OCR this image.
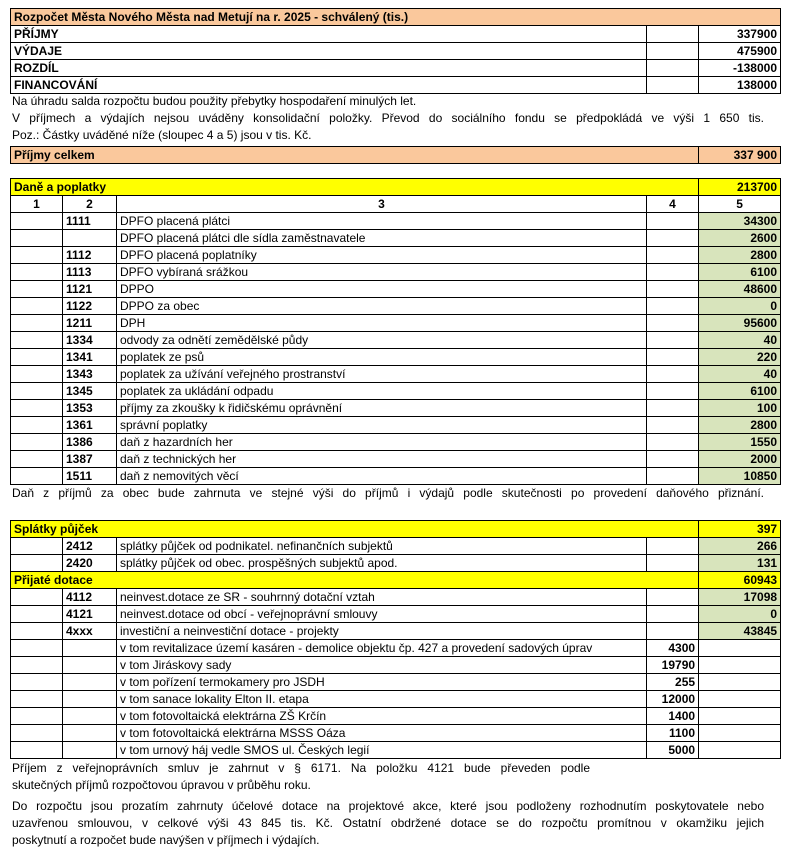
Rozpočet Města Nového Města nad Metují na r. 2025 - schválený (tis.)		
PŘÍJMY		337900
VÝDAJE		475900
ROZDÍL		-138000
FINANCOVÁNÍ		138000
Na úhradu salda rozpočtu budou použity přebytky hospodaření minulých let.
V příjmech a výdajích nejsou uváděny konsolidační položky. Převod do sociálního fondu se předpokládá ve výši 1 650 tis.
Poz.: Částky uváděné níže (sloupec 4 a 5) jsou v tis. Kč.
Příjmy celkem	337 900
Daně a poplatky				213700
1	2	3	4	5
	1111	DPFO placená plátci		34300
		DPFO placená plátci dle sídla zaměstnavatele		2600
	1112	DPFO placená poplatníky		2800
	1113	DPFO vybíraná srážkou		6100
	1121	DPPO		48600
	1122	DPPO za obec		0
	1211	DPH		95600
	1334	odvody za odnětí zemědělské půdy		40
	1341	poplatek ze psů		220
	1343	poplatek za užívání veřejného prostranství		40
	1345	poplatek za ukládání odpadu		6100
	1353	příjmy za zkoušky k řidičskému oprávnění		100
	1361	správní poplatky		2800
	1386	daň z hazardních her		1550
	1387	daň z technických her		2000
	1511	daň z nemovitých věcí		10850
Daň z příjmů za obec bude zahrnuta ve stejné výši do příjmů i výdajů podle skutečnosti po provedení daňového přiznání.
Splátky půjček				397
	2412	splátky půjček od podnikatel. nefinančních subjektů		266
	2420	splátky půjček od obec. prospěšných subjektů apod.		131
Přijaté dotace				60943
	4112	neinvest.dotace ze SR - souhrnný dotační vztah		17098
	4121	neinvest.dotace od obcí - veřejnoprávní smlouvy		0
	4xxx	investiční a neinvestiční dotace - projekty		43845
		v tom revitalizace území kasáren - demolice objektu čp. 427 a provedení sadových úprav	4300	
		v tom Jiráskovy sady	19790	
		v tom pořízení termokamery pro JSDH	255	
		v tom sanace lokality Elton II. etapa	12000	
		v tom fotovoltaická elektrárna ZŠ Krčín	1400	
		v tom fotovoltaická elektrárna MSSS Oáza	1100	
		v tom urnový háj vedle SMOS ul. Českých legií	5000	
Příjem z veřejnoprávních smluv je zahrnut v § 6171. Na položku 4121 bude převeden podle
skutečných příjmů rozpočtovou úpravou v průběhu roku.
Do rozpočtu jsou prozatím zahrnuty účelové dotace na projektové akce, které jsou podloženy rozhodnutím poskytovatele nebo
uzavřenou smlouvou, v celkové výši 43 845 tis. Kč. Ostatní obdržené dotace se do rozpočtu promítnou v okamžiku jejich
poskytnutí a rozpočet bude navýšen v příjmech i výdajích.
